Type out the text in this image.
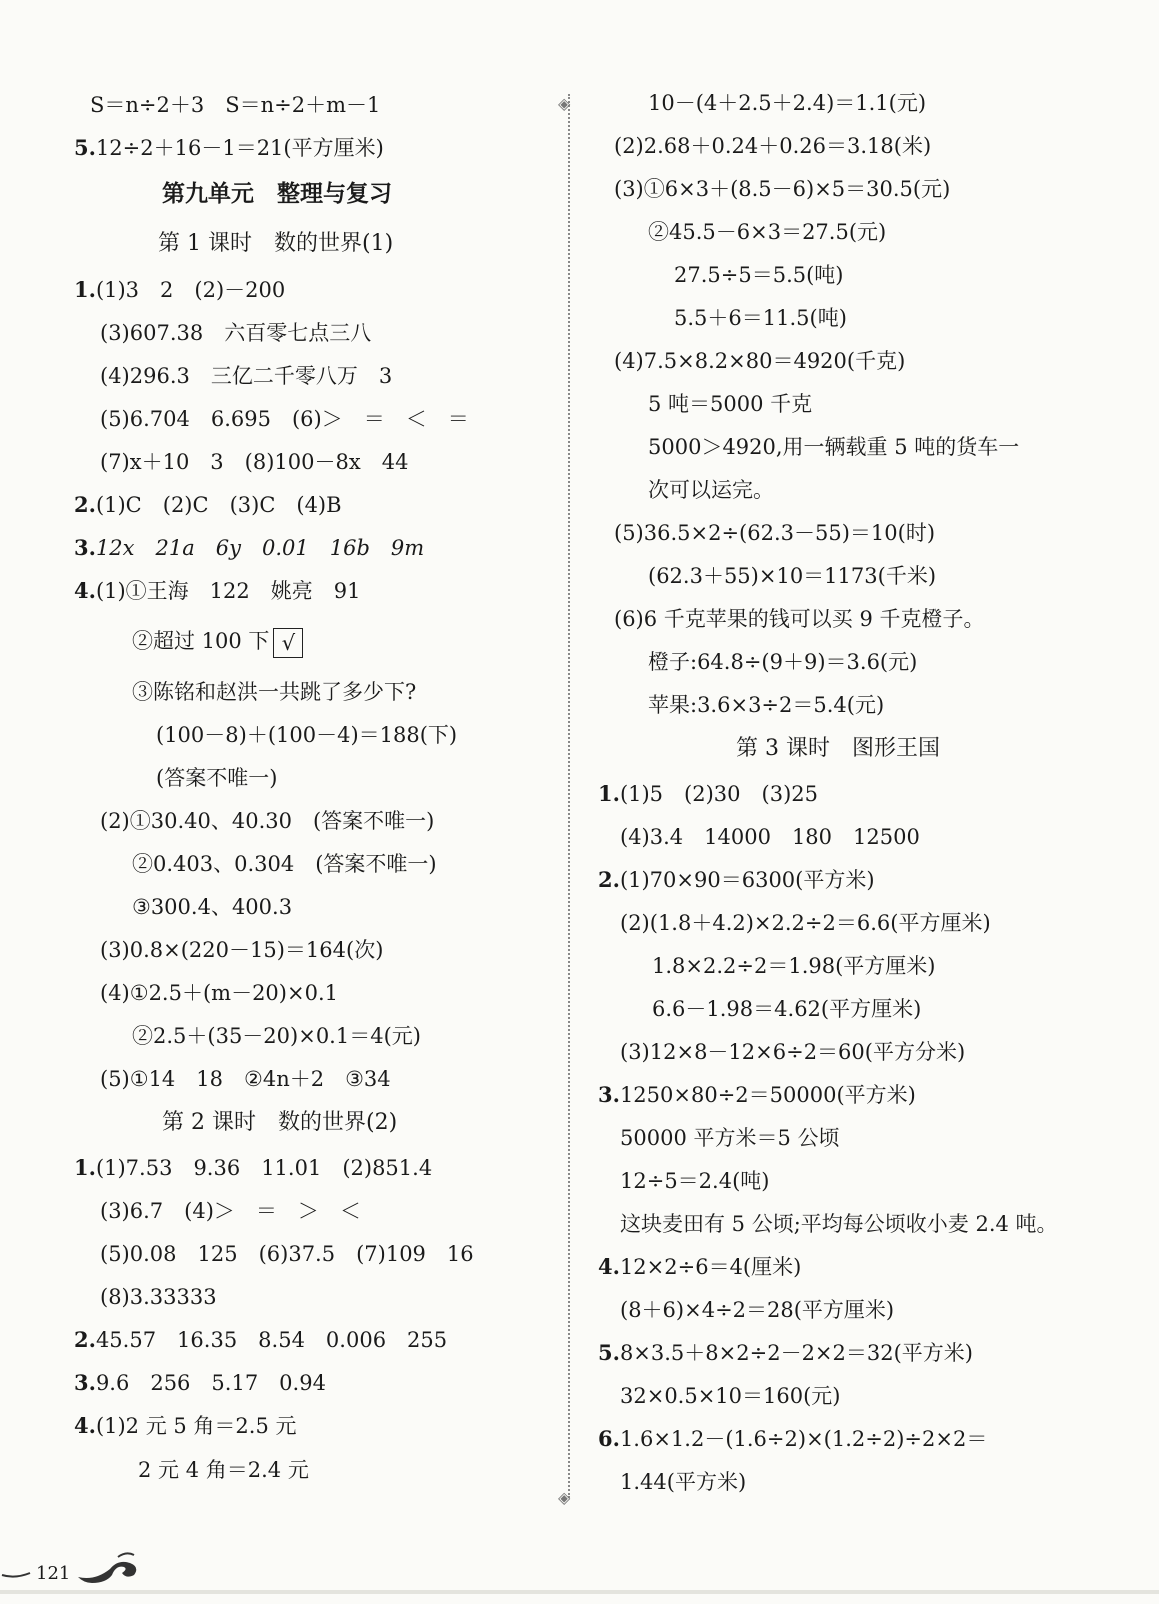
S＝n÷2＋3　S＝n÷2＋m－1
5.12÷2＋16－1＝21(平方厘米)
第九单元　整理与复习
第 1 课时　数的世界(1)
1.(1)3　2　(2)－200
(3)607.38　六百零七点三八
(4)296.3　三亿二千零八万　3
(5)6.704　6.695　(6)＞　＝　＜　＝
(7)x＋10　3　(8)100－8x　44
2.(1)C　(2)C　(3)C　(4)B
3.12x　21a　6y　0.01　16b　9m
4.(1)①王海　122　姚亮　91
②超过 100 下 √
③陈铭和赵洪一共跳了多少下?
(100－8)＋(100－4)＝188(下)
(答案不唯一)
(2)①30.40、40.30　(答案不唯一)
②0.403、0.304　(答案不唯一)
③300.4、400.3
(3)0.8×(220－15)＝164(次)
(4)①2.5＋(m－20)×0.1
②2.5＋(35－20)×0.1＝4(元)
(5)①14　18　②4n＋2　③34
第 2 课时　数的世界(2)
1.(1)7.53　9.36　11.01　(2)851.4
(3)6.7　(4)＞　＝　＞　＜
(5)0.08　125　(6)37.5　(7)109　16
(8)3.33333
2.45.57　16.35　8.54　0.006　255
3.9.6　256　5.17　0.94
4.(1)2 元 5 角＝2.5 元
2 元 4 角＝2.4 元
◈
◈
10－(4＋2.5＋2.4)＝1.1(元)
(2)2.68＋0.24＋0.26＝3.18(米)
(3)①6×3＋(8.5－6)×5＝30.5(元)
②45.5－6×3＝27.5(元)
27.5÷5＝5.5(吨)
5.5＋6＝11.5(吨)
(4)7.5×8.2×80＝4920(千克)
5 吨＝5000 千克
5000＞4920,用一辆载重 5 吨的货车一
次可以运完。
(5)36.5×2÷(62.3－55)＝10(时)
(62.3＋55)×10＝1173(千米)
(6)6 千克苹果的钱可以买 9 千克橙子。
橙子:64.8÷(9＋9)＝3.6(元)
苹果:3.6×3÷2＝5.4(元)
第 3 课时　图形王国
1.(1)5　(2)30　(3)25
(4)3.4　14000　180　12500
2.(1)70×90＝6300(平方米)
(2)(1.8＋4.2)×2.2÷2＝6.6(平方厘米)
1.8×2.2÷2＝1.98(平方厘米)
6.6－1.98＝4.62(平方厘米)
(3)12×8－12×6÷2＝60(平方分米)
3.1250×80÷2＝50000(平方米)
50000 平方米＝5 公顷
12÷5＝2.4(吨)
这块麦田有 5 公顷;平均每公顷收小麦 2.4 吨。
4.12×2÷6＝4(厘米)
(8＋6)×4÷2＝28(平方厘米)
5.8×3.5＋8×2÷2－2×2＝32(平方米)
32×0.5×10＝160(元)
6.1.6×1.2－(1.6÷2)×(1.2÷2)÷2×2＝
1.44(平方米)
121
